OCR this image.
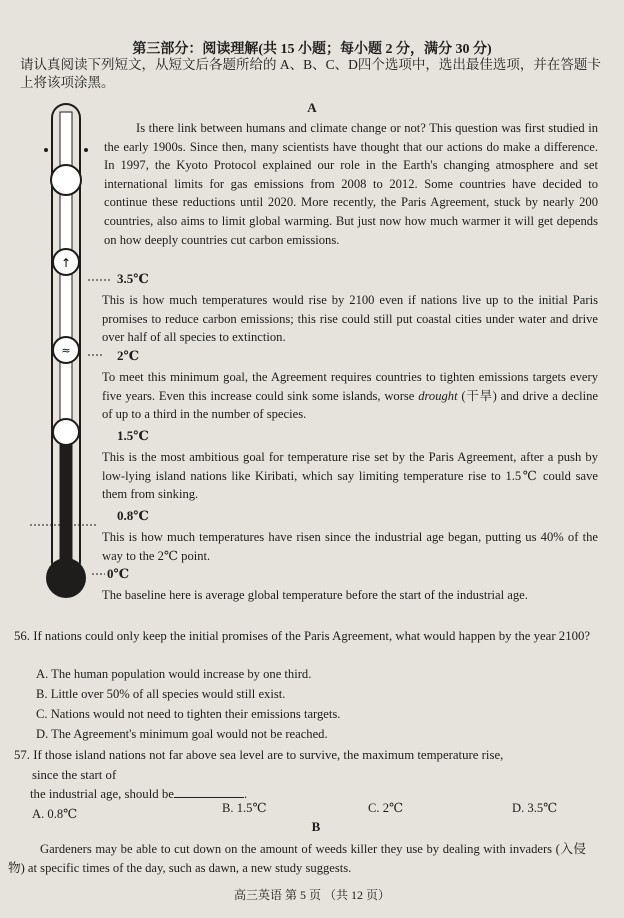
第三部分：阅读理解(共 15 小题；每小题 2 分，满分 30 分)
请认真阅读下列短文，从短文后各题所给的 A、B、C、D四个选项中，选出最佳选项，并在答题卡上将该项涂黑。
A
↑
≈

Is there link between humans and climate change or not? This question was first studied in the early 1900s. Since then, many scientists have thought that our actions do make a difference. In 1997, the Kyoto Protocol explained our role in the Earth's changing atmosphere and set international limits for gas emissions from 2008 to 2012. Some countries have decided to continue these reductions until 2020. More recently, the Paris Agreement, stuck by nearly 200 countries, also aims to limit global warming. But just now how much warmer it will get depends on how deeply countries cut carbon emissions.

3.5℃

This is how much temperatures would rise by 2100 even if nations live up to the initial Paris promises to reduce carbon emissions; this rise could still put coastal cities under water and drive over half of all species to extinction.

2℃

To meet this minimum goal, the Agreement requires countries to tighten emissions targets every five years. Even this increase could sink some islands, worse drought (干旱) and drive a decline of up to a third in the number of species.

1.5℃

This is the most ambitious goal for temperature rise set by the Paris Agreement, after a push by low-lying island nations like Kiribati, which say limiting temperature rise to 1.5℃ could save them from sinking.

0.8℃

This is how much temperatures have risen since the industrial age began, putting us 40% of the way to the 2℃ point.

0℃

The baseline here is average global temperature before the start of the industrial age.

56. If nations could only keep the initial promises of the Paris Agreement, what would happen by the year 2100?
A. The human population would increase by one third.
B. Little over 50% of all species would still exist.
C. Nations would not need to tighten their emissions targets.
D. The Agreement's minimum goal would not be reached.
57. If those island nations not far above sea level are to survive, the maximum temperature rise,
since the start of
the industrial age, should be	.
A. 0.8℃	B. 1.5℃	C. 2℃	D. 3.5℃
B

Gardeners may be able to cut down on the amount of weeds killer they use by dealing with invaders (入侵物) at specific times of the day, such as dawn, a new study suggests.

高三英语 第 5 页 （共 12 页）
